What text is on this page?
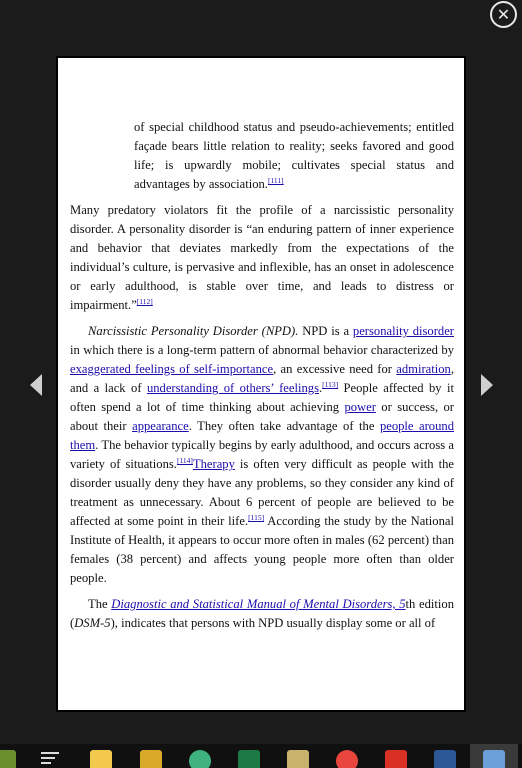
✕

of special childhood status and pseudo-achievements; entitled façade bears little relation to reality; seeks favored and good life; is upwardly mobile; cultivates special status and advantages by association.[111]

Many predatory violators fit the profile of a narcissistic personality disorder. A personality disorder is “an enduring pattern of inner experience and behavior that deviates markedly from the expectations of the individual’s culture, is pervasive and inflexible, has an onset in adolescence or early adulthood, is stable over time, and leads to distress or impairment.”[112]

Narcissistic Personality Disorder (NPD). NPD is a personality disorder in which there is a long-term pattern of abnormal behavior characterized by exaggerated feelings of self-importance, an excessive need for admiration, and a lack of understanding of others’ feelings.[113] People affected by it often spend a lot of time thinking about achieving power or success, or about their appearance. They often take advantage of the people around them. The behavior typically begins by early adulthood, and occurs across a variety of situations.[114]Therapy is often very difficult as people with the disorder usually deny they have any problems, so they consider any kind of treatment as unnecessary. About 6 percent of people are believed to be affected at some point in their life.[115] According the study by the National Institute of Health, it appears to occur more often in males (62 percent) than females (38 percent) and affects young people more often than older people.

The Diagnostic and Statistical Manual of Mental Disorders, 5th edition (DSM-5), indicates that persons with NPD usually display some or all of
